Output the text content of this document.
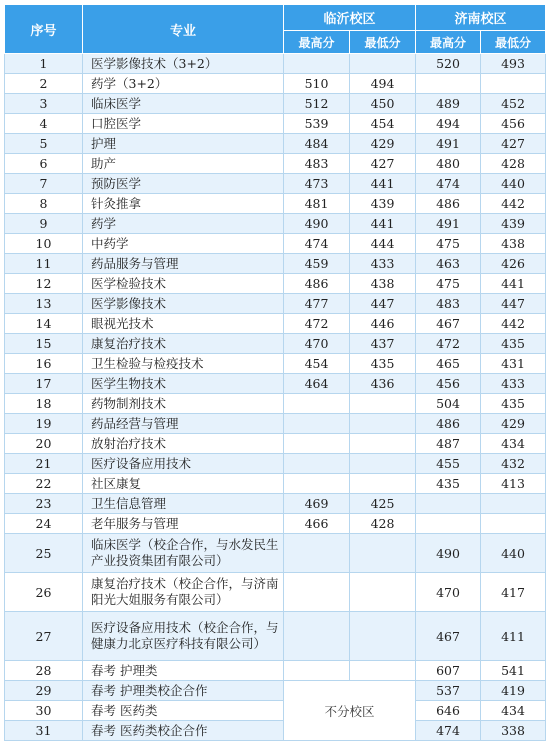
序号	专业	临沂校区		济南校区	
		最高分	最低分	最高分	最低分
1	医学影像技术（3+2）			520	493
2	药学（3+2）	510	494		
3	临床医学	512	450	489	452
4	口腔医学	539	454	494	456
5	护理	484	429	491	427
6	助产	483	427	480	428
7	预防医学	473	441	474	440
8	针灸推拿	481	439	486	442
9	药学	490	441	491	439
10	中药学	474	444	475	438
11	药品服务与管理	459	433	463	426
12	医学检验技术	486	438	475	441
13	医学影像技术	477	447	483	447
14	眼视光技术	472	446	467	442
15	康复治疗技术	470	437	472	435
16	卫生检验与检疫技术	454	435	465	431
17	医学生物技术	464	436	456	433
18	药物制剂技术			504	435
19	药品经营与管理			486	429
20	放射治疗技术			487	434
21	医疗设备应用技术			455	432
22	社区康复			435	413
23	卫生信息管理	469	425		
24	老年服务与管理	466	428		
25	临床医学（校企合作，与水发民生产业投资集团有限公司）			490	440
26	康复治疗技术（校企合作，与济南阳光大姐服务有限公司）			470	417
27	医疗设备应用技术（校企合作，与健康力北京医疗科技有限公司）			467	411
28	春考 护理类			607	541
29	春考 护理类校企合作	不分校区		537	419
30	春考 医药类			646	434
31	春考 医药类校企合作			474	338
